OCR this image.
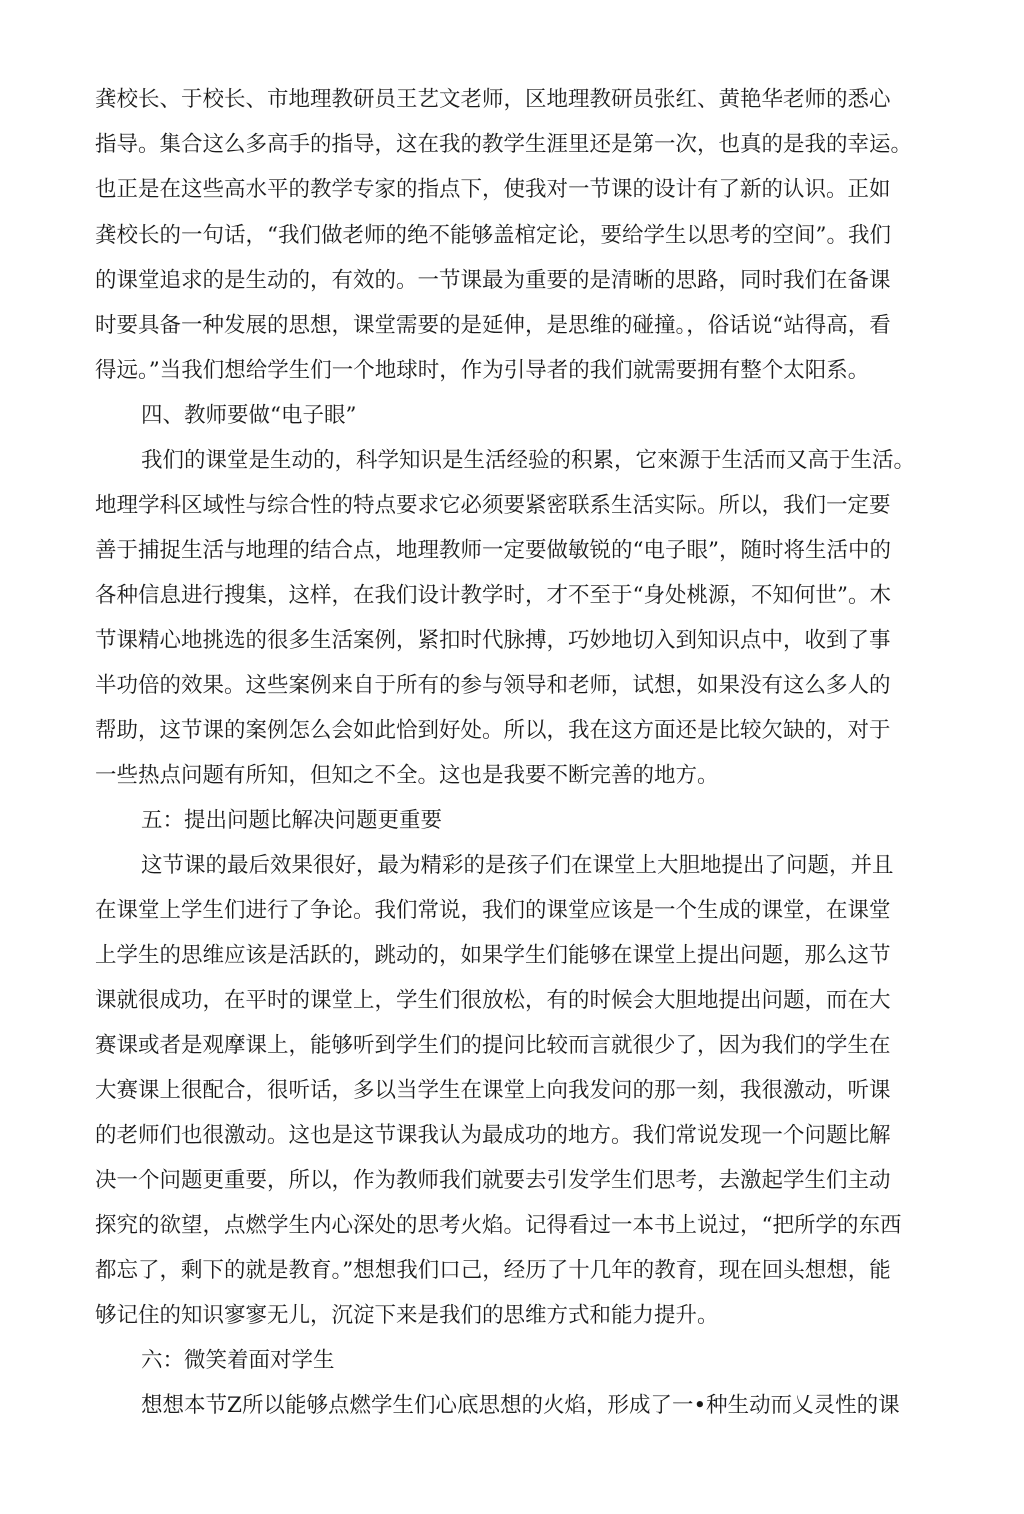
龚校长、于校长、市地理教研员王艺文老师，区地理教研员张红、黄艳华老师的悉心
指导。集合这么多高手的指导，这在我的教学生涯里还是第一次，也真的是我的幸运。
也正是在这些高水平的教学专家的指点下，使我对一节课的设计有了新的认识。正如
龚校长的一句话，“我们做老师的绝不能够盖棺定论，要给学生以思考的空间”。我们
的课堂追求的是生动的，有效的。一节课最为重要的是清晰的思路，同时我们在备课
时要具备一种发展的思想，课堂需要的是延伸，是思维的碰撞。，俗话说“站得高，看
得远。”当我们想给学生们一个地球时，作为引导者的我们就需要拥有整个太阳系。
四、教师要做“电子眼”
我们的课堂是生动的，科学知识是生活经验的积累，它來源于生活而又高于生活。
地理学科区域性与综合性的特点要求它必须要紧密联系生活实际。所以，我们一定要
善于捕捉生活与地理的结合点，地理教师一定要做敏锐的“电子眼”，随时将生活中的
各种信息进行搜集，这样，在我们设计教学时，才不至于“身处桃源，不知何世”。木
节课精心地挑选的很多生活案例，紧扣时代脉搏，巧妙地切入到知识点中，收到了事
半功倍的效果。这些案例来自于所有的参与领导和老师，试想，如果没有这么多人的
帮助，这节课的案例怎么会如此恰到好处。所以，我在这方面还是比较欠缺的，对于
一些热点问题有所知，但知之不全。这也是我要不断完善的地方。
五：提出问题比解决问题更重要
这节课的最后效果很好，最为精彩的是孩子们在课堂上大胆地提出了问题，并且
在课堂上学生们进行了争论。我们常说，我们的课堂应该是一个生成的课堂，在课堂
上学生的思维应该是活跃的，跳动的，如果学生们能够在课堂上提出问题，那么这节
课就很成功，在平时的课堂上，学生们很放松，有的时候会大胆地提出问题，而在大
赛课或者是观摩课上，能够听到学生们的提问比较而言就很少了，因为我们的学生在
大赛课上很配合，很听话，多以当学生在课堂上向我发问的那一刻，我很激动，听课
的老师们也很激动。这也是这节课我认为最成功的地方。我们常说发现一个问题比解
决一个问题更重要，所以，作为教师我们就要去引发学生们思考，去激起学生们主动
探究的欲望，点燃学生内心深处的思考火焰。记得看过一本书上说过，“把所学的东西
都忘了，剩下的就是教育。”想想我们口己，经历了十几年的教育，现在回头想想，能
够记住的知识寥寥无儿，沉淀下来是我们的思维方式和能力提升。
六：微笑着面对学生
想想本节Z所以能够点燃学生们心底思想的火焰，形成了一•种生动而乂灵性的课
